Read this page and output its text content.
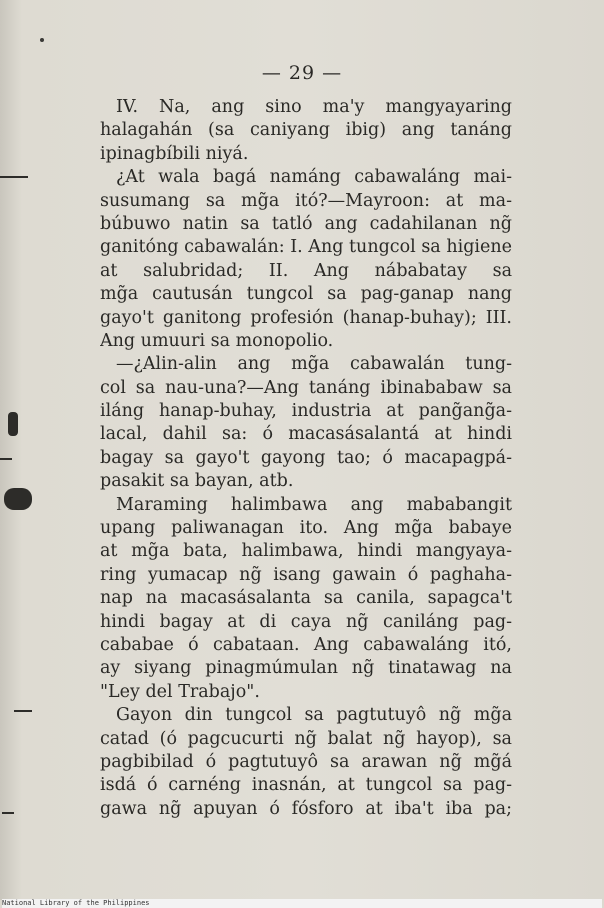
— 29 —
IV. Na, ang sino ma'y mangyayaring
halagahán (sa caniyang ibig) ang tanáng
ipinagbíbili niyá.
¿At wala bagá namáng cabawaláng mai-
susumang sa mg̃a itó?—Mayroon: at ma-
búbuwo natin sa tatló ang cadahilanan ng̃
ganitóng cabawalán: I. Ang tungcol sa higiene
at salubridad; II. Ang nábabatay sa
mg̃a cautusán tungcol sa pag-ganap nang
gayo't ganitong profesión (hanap-buhay); III.
Ang umuuri sa monopolio.
—¿Alin-alin ang mg̃a cabawalán tung-
col sa nau-una?—Ang tanáng ibinababaw sa
iláng hanap-buhay, industria at pang̃ang̃a-
lacal, dahil sa: ó macasásalantá at hindi
bagay sa gayo't gayong tao; ó macapagpá-
pasakit sa bayan, atb.
Maraming halimbawa ang mababangit
upang paliwanagan ito. Ang mg̃a babaye
at mg̃a bata, halimbawa, hindi mangyaya-
ring yumacap ng̃ isang gawain ó paghaha-
nap na macasásalanta sa canila, sapagca't
hindi bagay at di caya ng̃ caniláng pag-
cababae ó cabataan. Ang cabawaláng itó,
ay siyang pinagmúmulan ng̃ tinatawag na
"Ley del Trabajo".
Gayon din tungcol sa pagtutuyô ng̃ mg̃a
catad (ó pagcucurti ng̃ balat ng̃ hayop), sa
pagbibilad ó pagtutuyô sa arawan ng̃ mg̃á
isdá ó carnéng inasnán, at tungcol sa pag-
gawa ng̃ apuyan ó fósforo at iba't iba pa;
National Library of the Philippines
